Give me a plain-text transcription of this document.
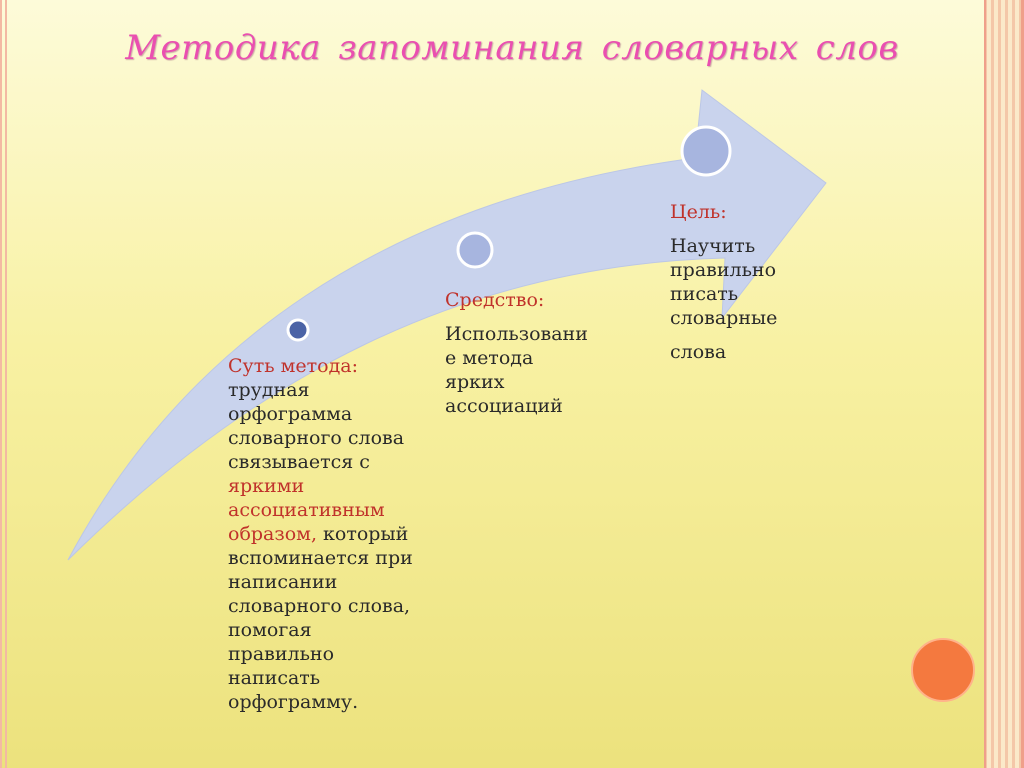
Методика запоминания словарных слов
Суть метода:
трудная
орфограмма
словарного слова
связывается с
яркими
ассоциативным
образом, который
вспоминается при
написании
словарного слова,
помогая
правильно
написать
орфограмму.
Средство:
Использовани
е метода
ярких
ассоциаций
Цель:
Научить
правильно
писать
словарные
слова
